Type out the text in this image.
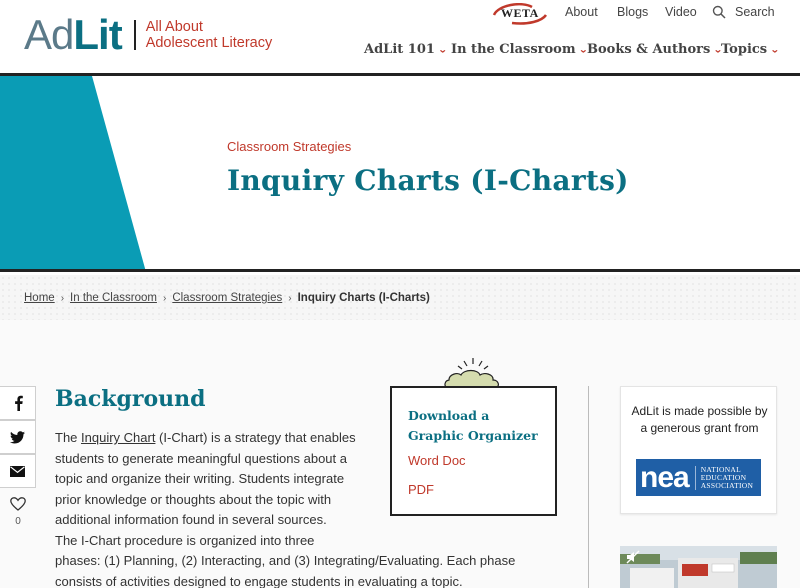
AdLit All About
Adolescent Literacy
WETA About Blogs Video	Search
AdLit 101 ⌄ In the Classroom ⌄ Books & Authors ⌄
Topics ⌄
Classroom Strategies
Inquiry Charts (I-Charts)
Home › In the Classroom › Classroom Strategies › Inquiry Charts (I-Charts)
0
Background
The Inquiry Chart (I-Chart) is a strategy that enables
students to generate meaningful questions about a
topic and organize their writing. Students integrate
prior knowledge or thoughts about the topic with
additional information found in several sources.
The I-Chart procedure is organized into three
phases: (1) Planning, (2) Interacting, and (3) Integrating/Evaluating. Each phase
consists of activities designed to engage students in evaluating a topic.
Download a Graphic Organizer
Word Doc
PDF
AdLit is made possible by a generous grant from
nea	NATIONAL
EDUCATION
ASSOCIATION
